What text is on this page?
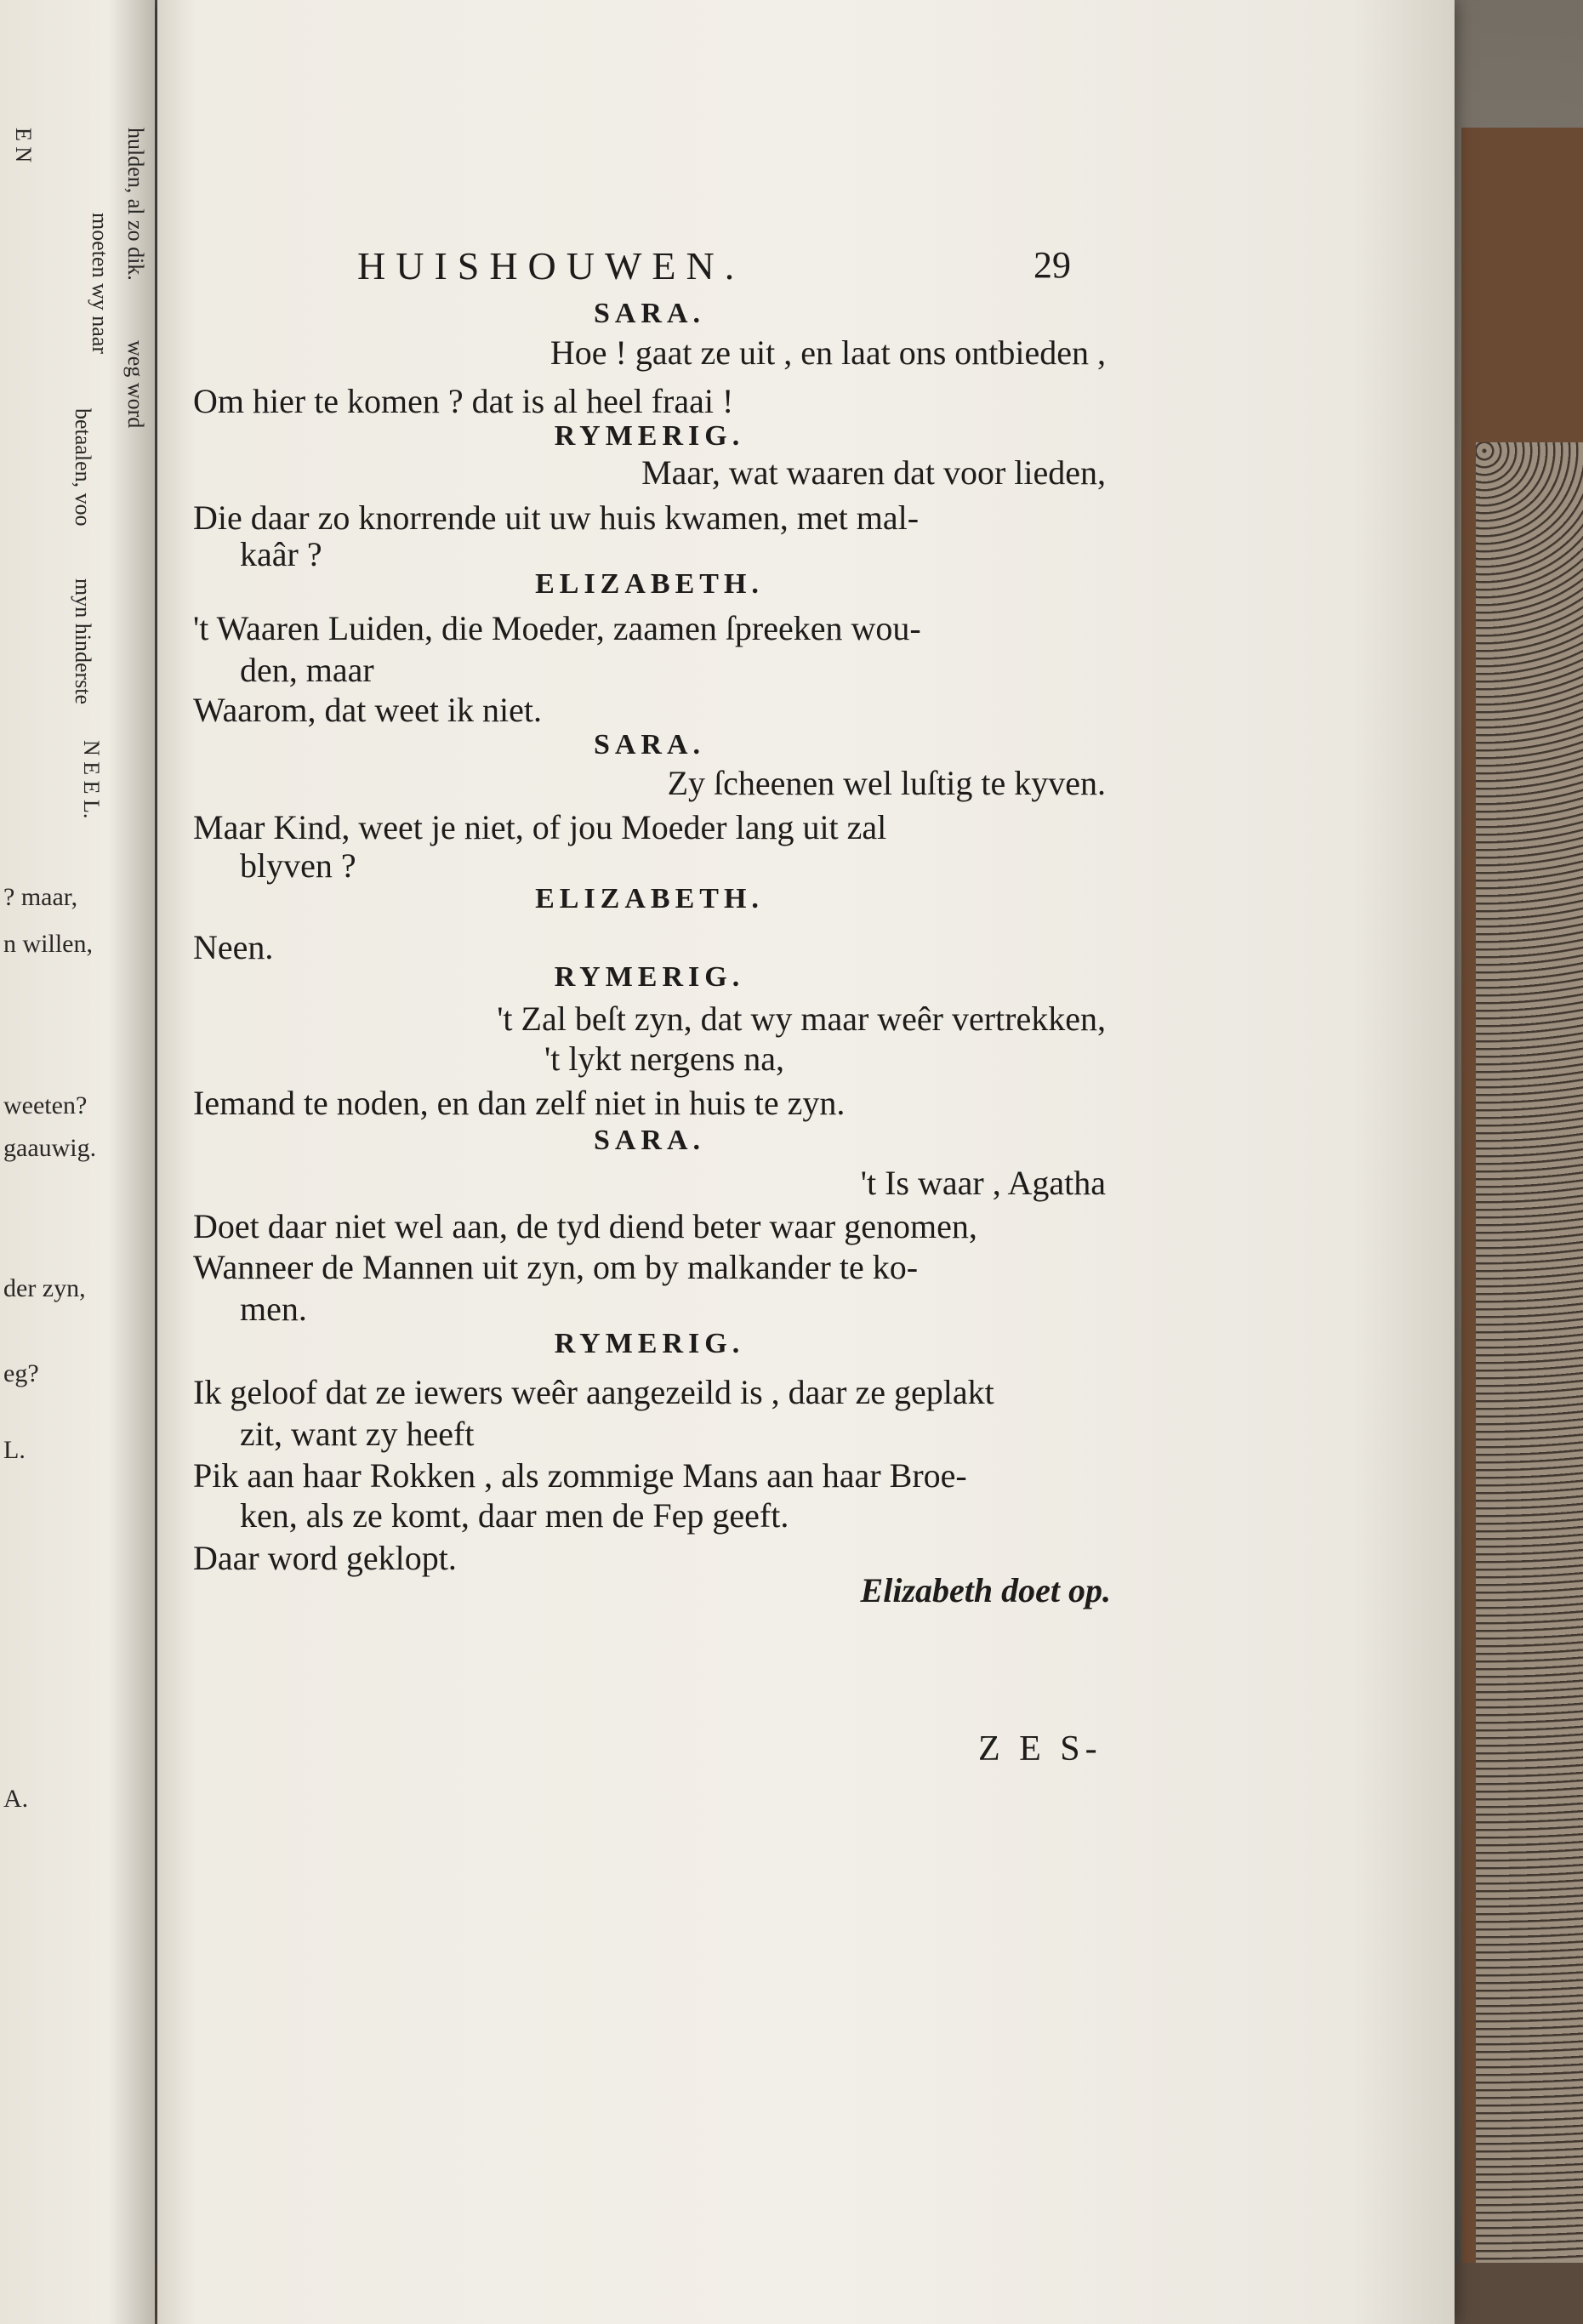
E N	hulden, al zo dik.
moeten wy naar
weg word
betaalen, voo
myn hinderste
N E E L.
? maar,
n willen,
weeten?
gaauwig.
der zyn,
eg?
L.
A.
HUISHOUWEN.	29
SARA.
Hoe ! gaat ze uit , en laat ons ontbieden ,
Om hier te komen ? dat is al heel fraai !
RYMERIG.
Maar, wat waaren dat voor lieden,
Die daar zo knorrende uit uw huis kwamen, met mal-
kaâr ?
ELIZABETH.
't Waaren Luiden, die Moeder, zaamen ſpreeken wou-
den, maar
Waarom, dat weet ik niet.
SARA.
Zy ſcheenen wel luſtig te kyven.
Maar Kind, weet je niet, of jou Moeder lang uit zal
blyven ?
ELIZABETH.
Neen.
RYMERIG.
't Zal beſt zyn, dat wy maar weêr vertrekken,
't lykt nergens na,
Iemand te noden, en dan zelf niet in huis te zyn.
SARA.
't Is waar , Agatha
Doet daar niet wel aan, de tyd diend beter waar genomen,
Wanneer de Mannen uit zyn, om by malkander te ko-
men.
RYMERIG.
Ik geloof dat ze iewers weêr aangezeild is , daar ze geplakt
zit, want zy heeft
Pik aan haar Rokken , als zommige Mans aan haar Broe-
ken, als ze komt, daar men de Fep geeft.
Daar word geklopt.
Elizabeth doet op.
Z E S-
